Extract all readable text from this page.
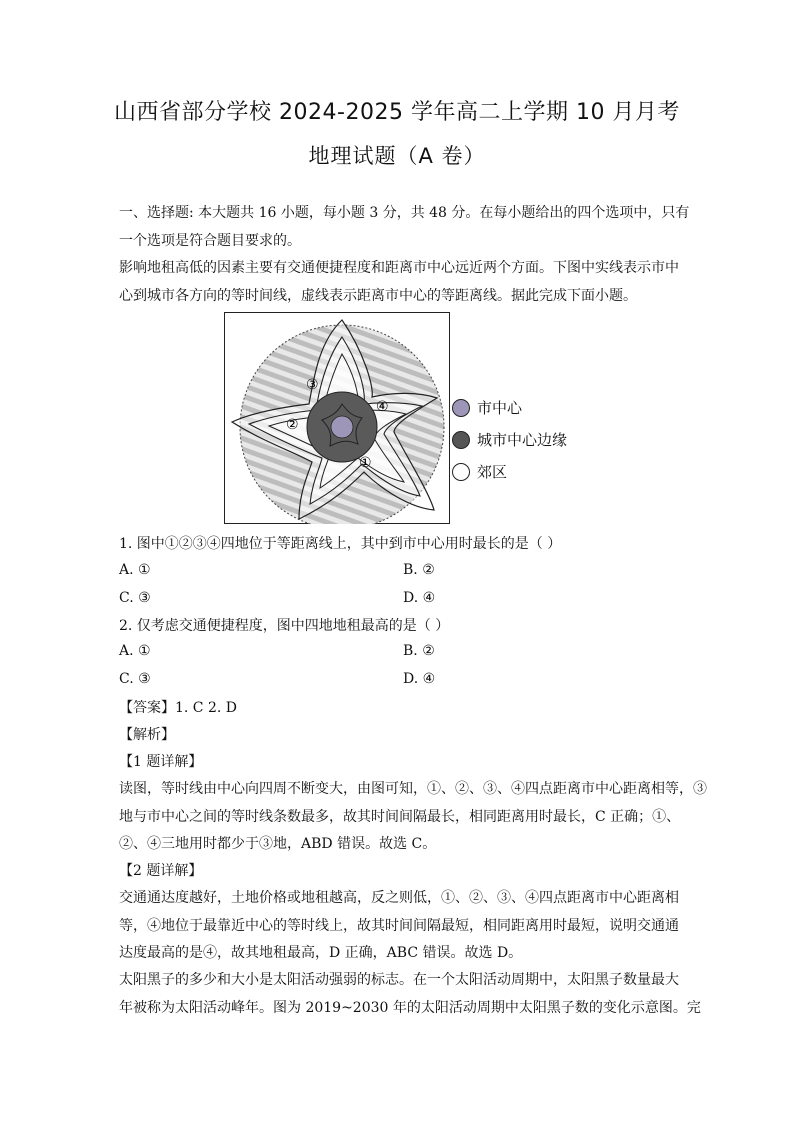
山西省部分学校 2024-2025 学年高二上学期 10 月月考
地理试题（A 卷）
一、选择题: 本大题共 16 小题，每小题 3 分，共 48 分。在每小题给出的四个选项中，只有
一个选项是符合题目要求的。
影响地租高低的因素主要有交通便捷程度和距离市中心远近两个方面。下图中实线表示市中
心到城市各方向的等时间线，虚线表示距离市中心的等距离线。据此完成下面小题。
③
④
②
①
市中心
城市中心边缘
郊区
1. 图中①②③④四地位于等距离线上，其中到市中心用时最长的是（ ）
A. ①	B. ②
C. ③	D. ④
2. 仅考虑交通便捷程度，图中四地地租最高的是（ ）
A. ①	B. ②
C. ③	D. ④
【答案】1. C 2. D
【解析】
【1 题详解】
读图，等时线由中心向四周不断变大，由图可知，①、②、③、④四点距离市中心距离相等，③
地与市中心之间的等时线条数最多，故其时间间隔最长，相同距离用时最长，C 正确；①、
②、④三地用时都少于③地，ABD 错误。故选 C。
【2 题详解】
交通通达度越好，土地价格或地租越高，反之则低，①、②、③、④四点距离市中心距离相
等，④地位于最靠近中心的等时线上，故其时间间隔最短，相同距离用时最短，说明交通通
达度最高的是④，故其地租最高，D 正确，ABC 错误。故选 D。
太阳黑子的多少和大小是太阳活动强弱的标志。在一个太阳活动周期中，太阳黑子数量最大
年被称为太阳活动峰年。图为 2019~2030 年的太阳活动周期中太阳黑子数的变化示意图。完
